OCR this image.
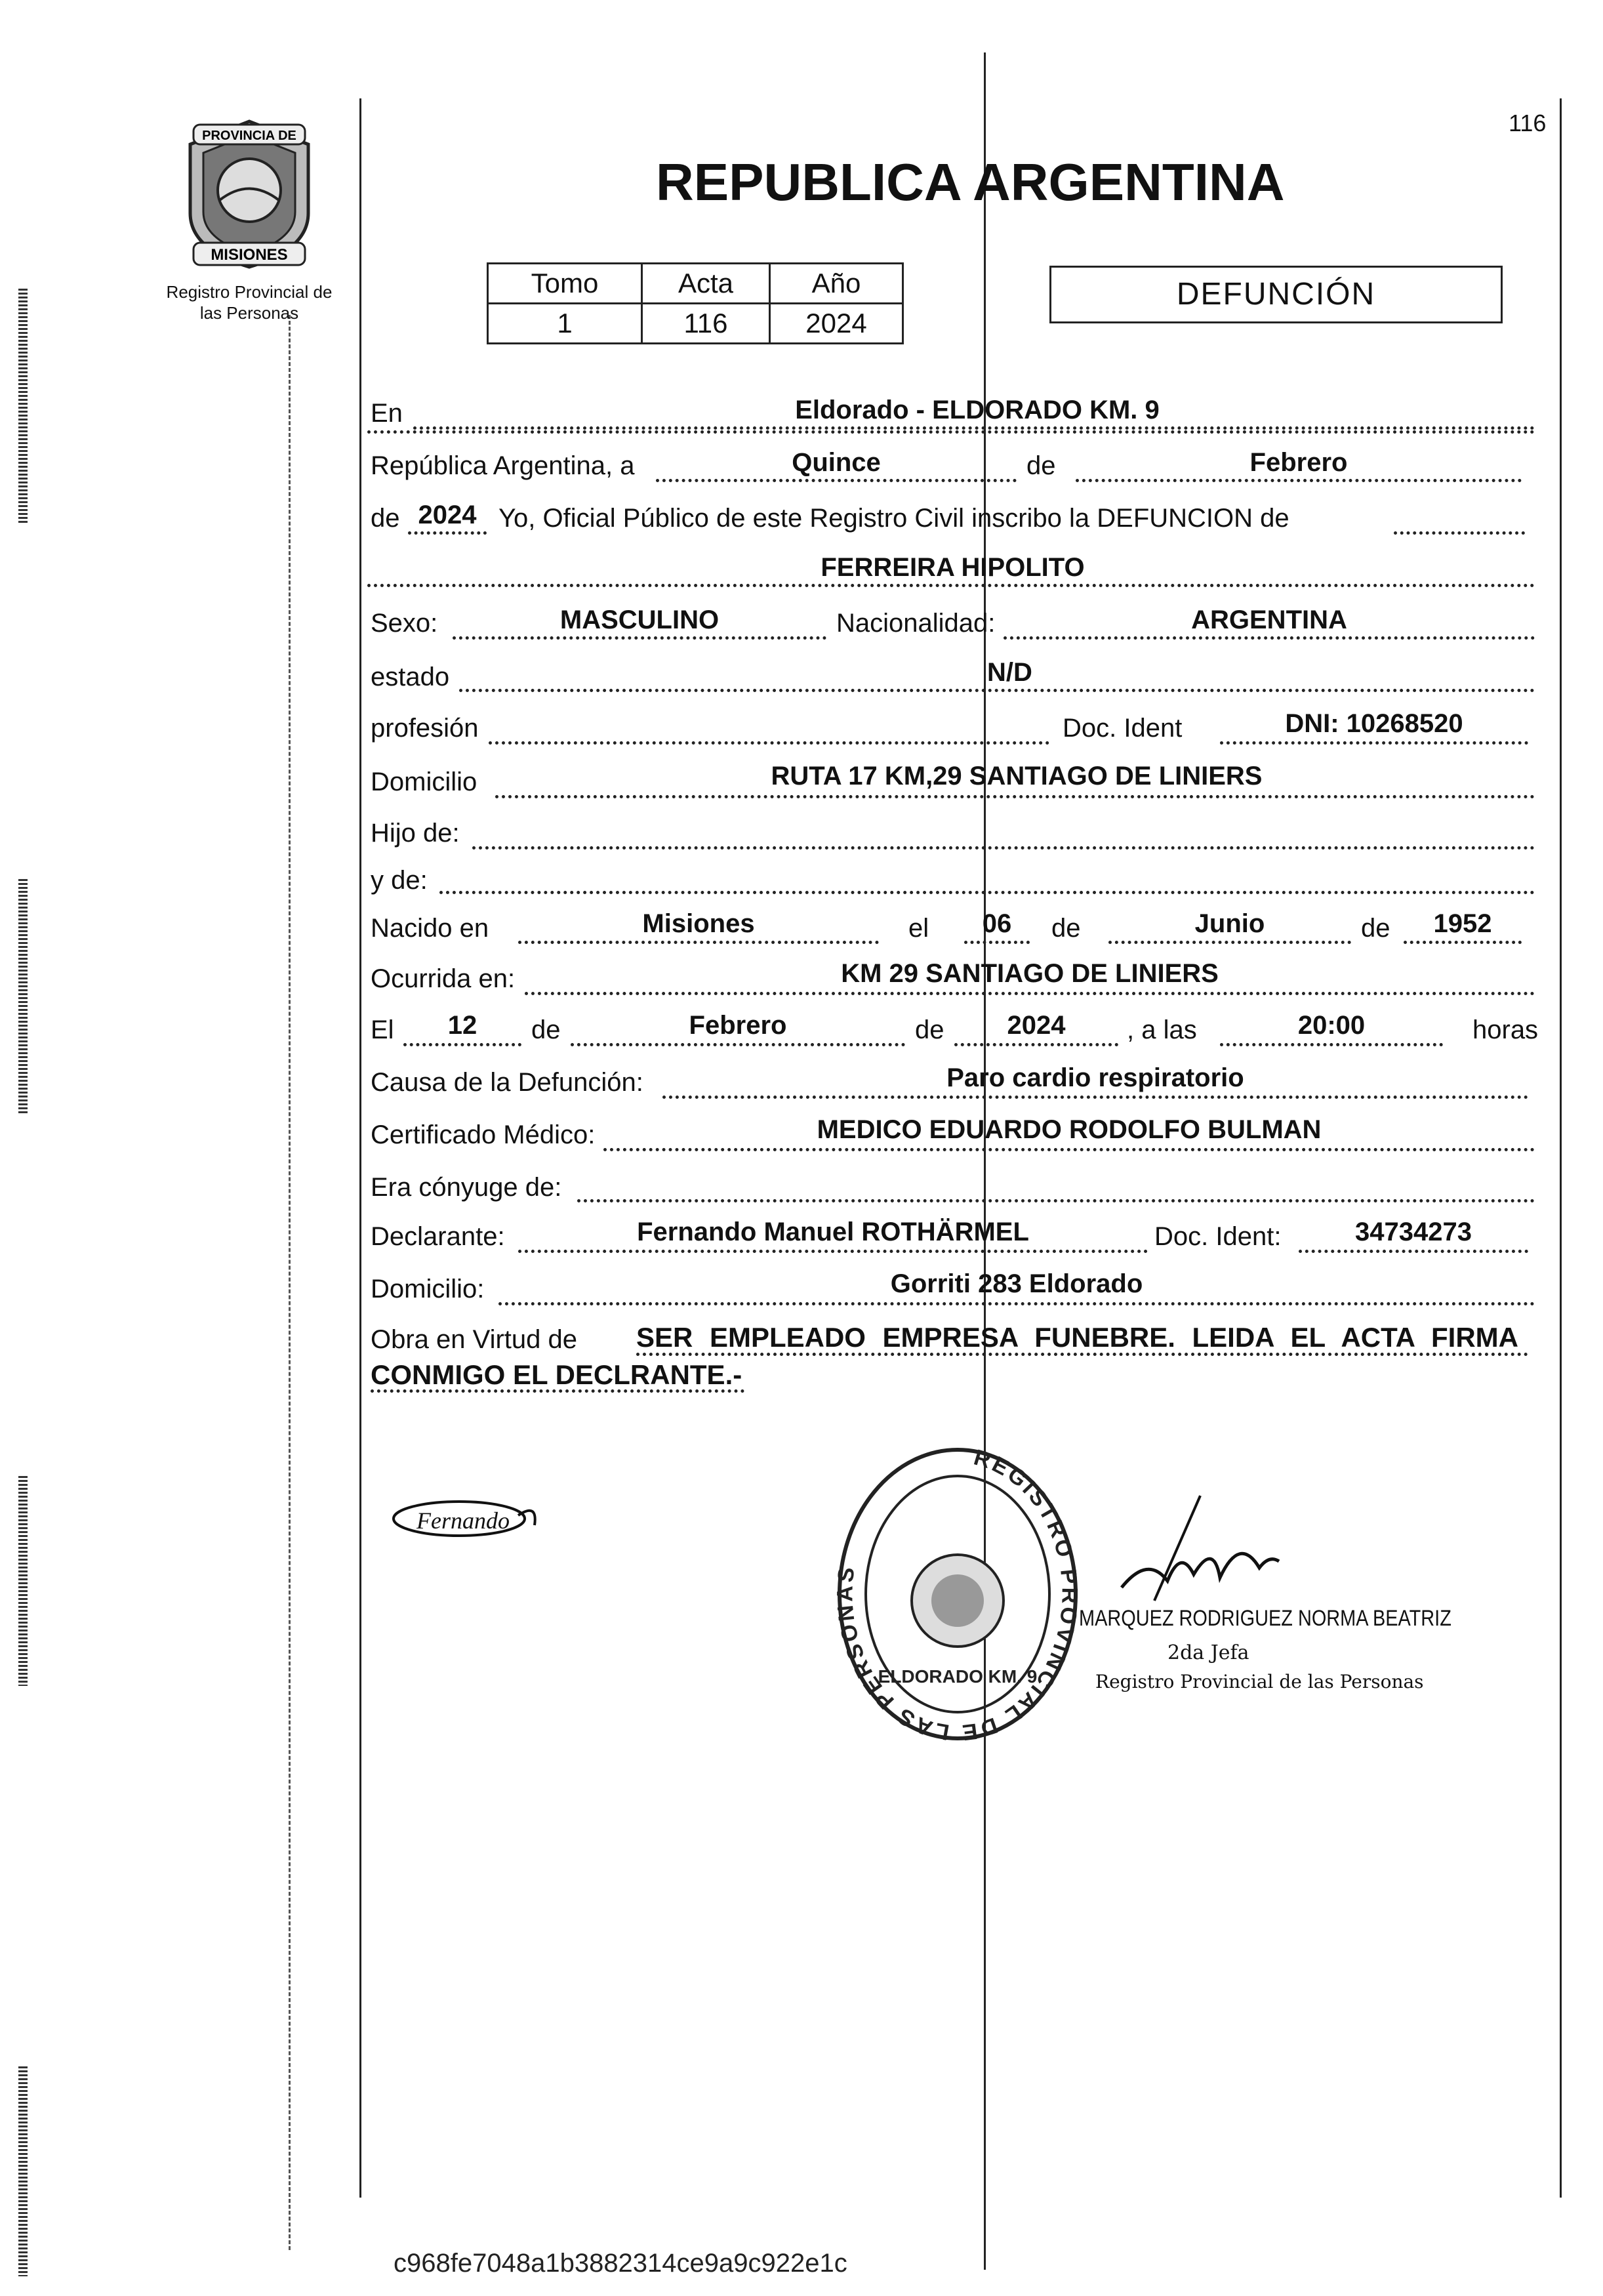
PROVINCIA DE
MISIONES
Registro Provincial de
las Personas
116
REPUBLICA ARGENTINA
Tomo	Acta	Año
1	116	2024
DEFUNCIÓN
En	Eldorado - ELDORADO KM. 9
República Argentina, a	Quince	de	Febrero
de 2024 Yo, Oficial Público de este Registro Civil inscribo la DEFUNCION de
FERREIRA HIPOLITO
Sexo:	MASCULINO	Nacionalidad:	ARGENTINA
estado	N/D
profesión	Doc. Ident	DNI: 10268520
Domicilio	RUTA 17 KM,29 SANTIAGO DE LINIERS
Hijo de:
y de:
Nacido en	Misiones	el	06	de	Junio	de	1952
Ocurrida en:	KM 29 SANTIAGO DE LINIERS
El	12	de	Febrero	de	2024	, a las	20:00	horas
Causa de la Defunción:	Paro cardio respiratorio
Certificado Médico:	MEDICO EDUARDO RODOLFO BULMAN
Era cónyuge de:
Declarante:	Fernando Manuel ROTHÄRMEL	Doc. Ident:	34734273
Domicilio:	Gorriti 283 Eldorado
Obra en Virtud de SER EMPLEADO EMPRESA FUNEBRE. LEIDA EL ACTA FIRMA
CONMIGO EL DECLRANTE.-
Fernando
REGISTRO PROVINCIAL DE LAS PERSONAS
ELDORADO KM. 9
MARQUEZ RODRIGUEZ NORMA BEATRIZ
2da Jefa
Registro Provincial de las Personas
c968fe7048a1b3882314ce9a9c922e1c
